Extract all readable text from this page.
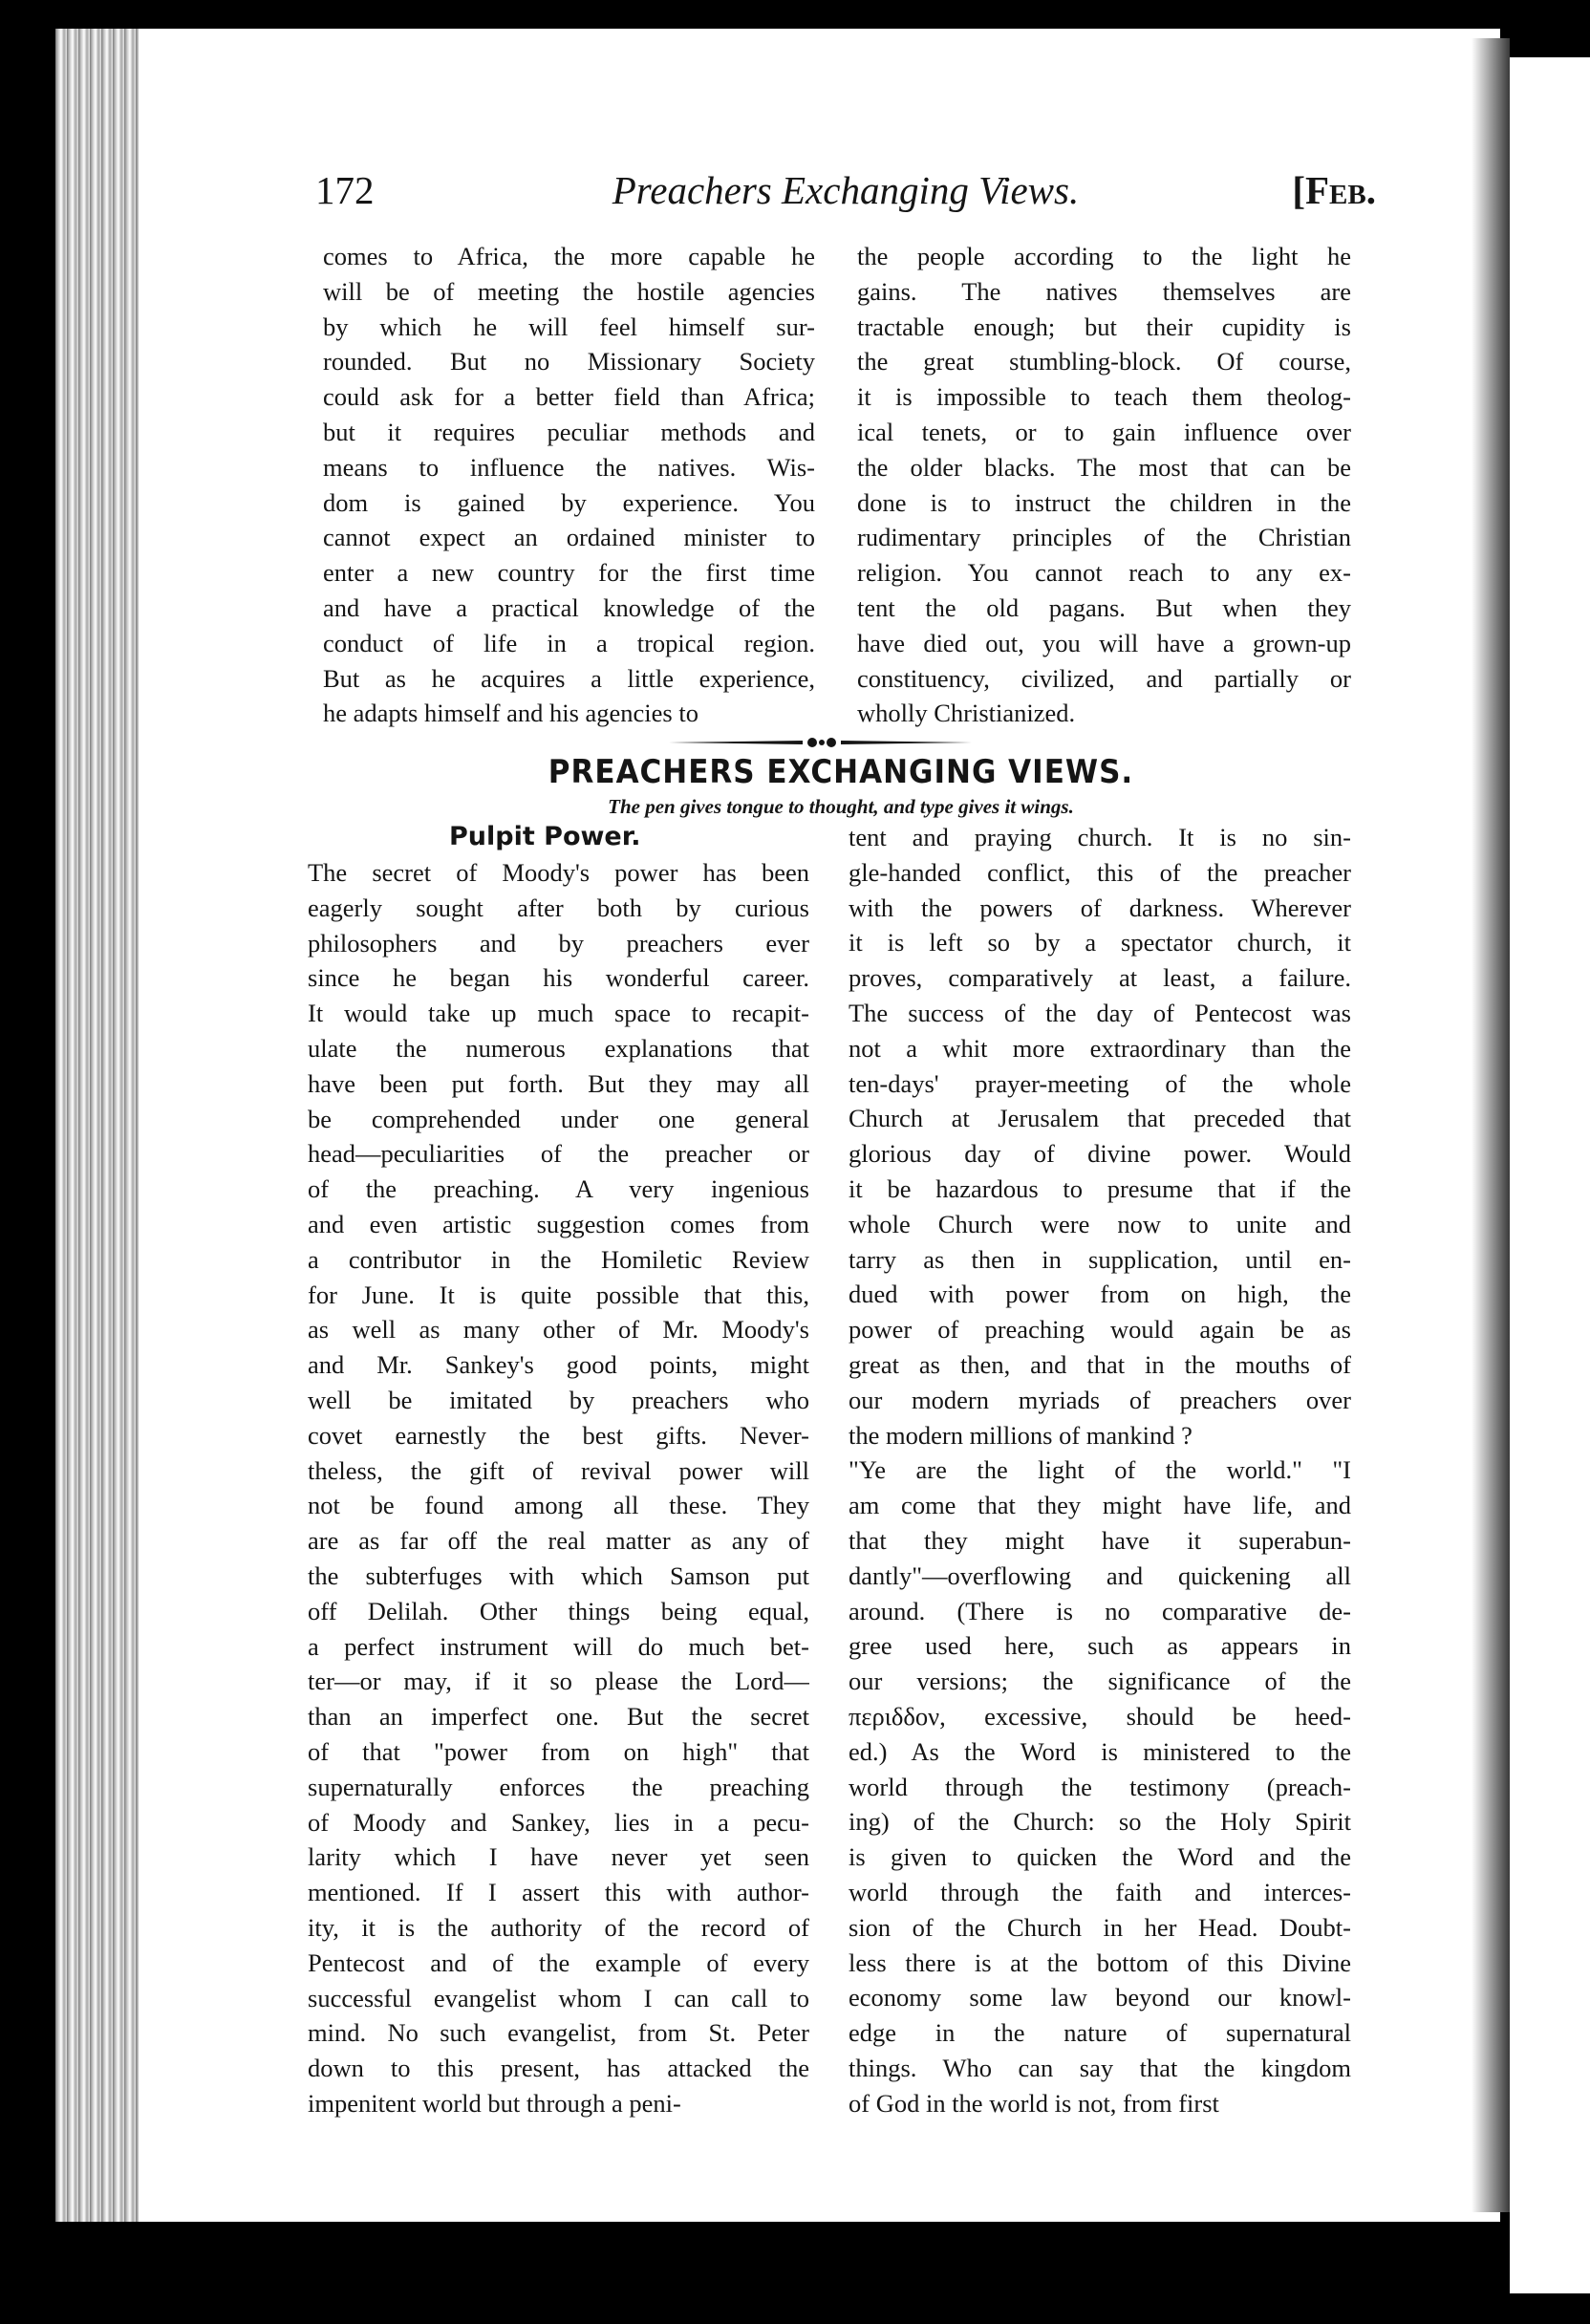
172	Preachers Exchanging Views.	[Feb.
comes to Africa, the more capable he
will be of meeting the hostile agencies
by which he will feel himself sur-
rounded. But no Missionary Society
could ask for a better field than Africa;
but it requires peculiar methods and
means to influence the natives. Wis-
dom is gained by experience. You
cannot expect an ordained minister to
enter a new country for the first time
and have a practical knowledge of the
conduct of life in a tropical region.
But as he acquires a little experience,
he adapts himself and his agencies to
the people according to the light he
gains. The natives themselves are
tractable enough; but their cupidity is
the great stumbling-block. Of course,
it is impossible to teach them theolog-
ical tenets, or to gain influence over
the older blacks. The most that can be
done is to instruct the children in the
rudimentary principles of the Christian
religion. You cannot reach to any ex-
tent the old pagans. But when they
have died out, you will have a grown-up
constituency, civilized, and partially or
wholly Christianized.
PREACHERS EXCHANGING VIEWS.
The pen gives tongue to thought, and type gives it wings.
Pulpit Power.
The secret of Moody's power has been
eagerly sought after both by curious
philosophers and by preachers ever
since he began his wonderful career.
It would take up much space to recapit-
ulate the numerous explanations that
have been put forth. But they may all
be comprehended under one general
head—peculiarities of the preacher or
of the preaching. A very ingenious
and even artistic suggestion comes from
a contributor in the Homiletic Review
for June. It is quite possible that this,
as well as many other of Mr. Moody's
and Mr. Sankey's good points, might
well be imitated by preachers who
covet earnestly the best gifts. Never-
theless, the gift of revival power will
not be found among all these. They
are as far off the real matter as any of
the subterfuges with which Samson put
off Delilah. Other things being equal,
a perfect instrument will do much bet-
ter—or may, if it so please the Lord—
than an imperfect one. But the secret
of that "power from on high" that
supernaturally enforces the preaching
of Moody and Sankey, lies in a pecu-
larity which I have never yet seen
mentioned. If I assert this with author-
ity, it is the authority of the record of
Pentecost and of the example of every
successful evangelist whom I can call to
mind. No such evangelist, from St. Peter
down to this present, has attacked the
impenitent world but through a peni-
tent and praying church. It is no sin-
gle-handed conflict, this of the preacher
with the powers of darkness. Wherever
it is left so by a spectator church, it
proves, comparatively at least, a failure.
The success of the day of Pentecost was
not a whit more extraordinary than the
ten-days' prayer-meeting of the whole
Church at Jerusalem that preceded that
glorious day of divine power. Would
it be hazardous to presume that if the
whole Church were now to unite and
tarry as then in supplication, until en-
dued with power from on high, the
power of preaching would again be as
great as then, and that in the mouths of
our modern myriads of preachers over
the modern millions of mankind ?
"Ye are the light of the world." "I
am come that they might have life, and
that they might have it superabun-
dantly"—overflowing and quickening all
around. (There is no comparative de-
gree used here, such as appears in
our versions; the significance of the
περιδδον, excessive, should be heed-
ed.) As the Word is ministered to the
world through the testimony (preach-
ing) of the Church: so the Holy Spirit
is given to quicken the Word and the
world through the faith and interces-
sion of the Church in her Head. Doubt-
less there is at the bottom of this Divine
economy some law beyond our knowl-
edge in the nature of supernatural
things. Who can say that the kingdom
of God in the world is not, from first
